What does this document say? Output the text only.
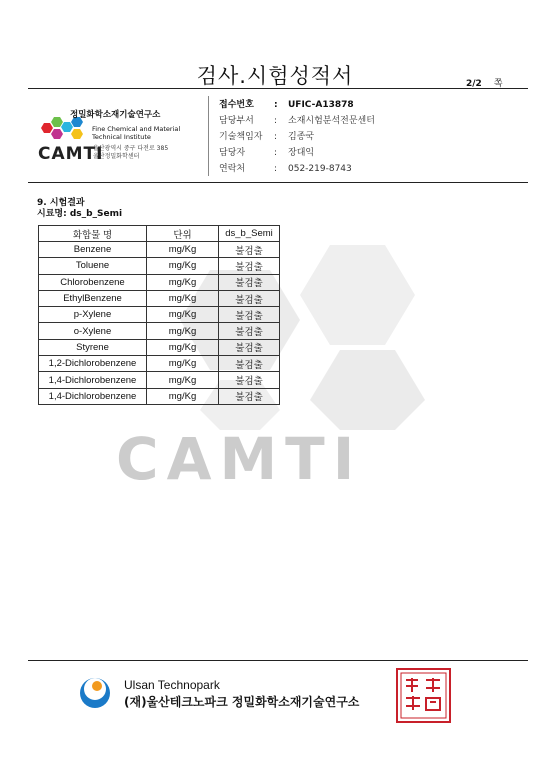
검사.시험성적서	2/2 쪽
정밀화학소재기술연구소
Fine Chemical and Material Technical Institute
CAMTI
울산광역시 중구 다전로 385
울산정밀화학센터
접수번호 : UFIC-A13878
담당부서 : 소재시험분석전문센터
기술책임자 : 김종국
담당자	: 장대익
연락처	: 052-219-8743
9. 시험결과
시료명: ds_b_Semi
CAMTI
화합물 명	단위	ds_b_Semi
Benzene	mg/Kg	불검출
Toluene	mg/Kg	불검출
Chlorobenzene	mg/Kg	불검출
EthylBenzene	mg/Kg	불검출
p-Xylene	mg/Kg	불검출
o-Xylene	mg/Kg	불검출
Styrene	mg/Kg	불검출
1,2-Dichlorobenzene	mg/Kg	불검출
1,4-Dichlorobenzene	mg/Kg	불검출
1,4-Dichlorobenzene	mg/Kg	불검출
Ulsan Technopark
(재)울산테크노파크 정밀화학소재기술연구소
